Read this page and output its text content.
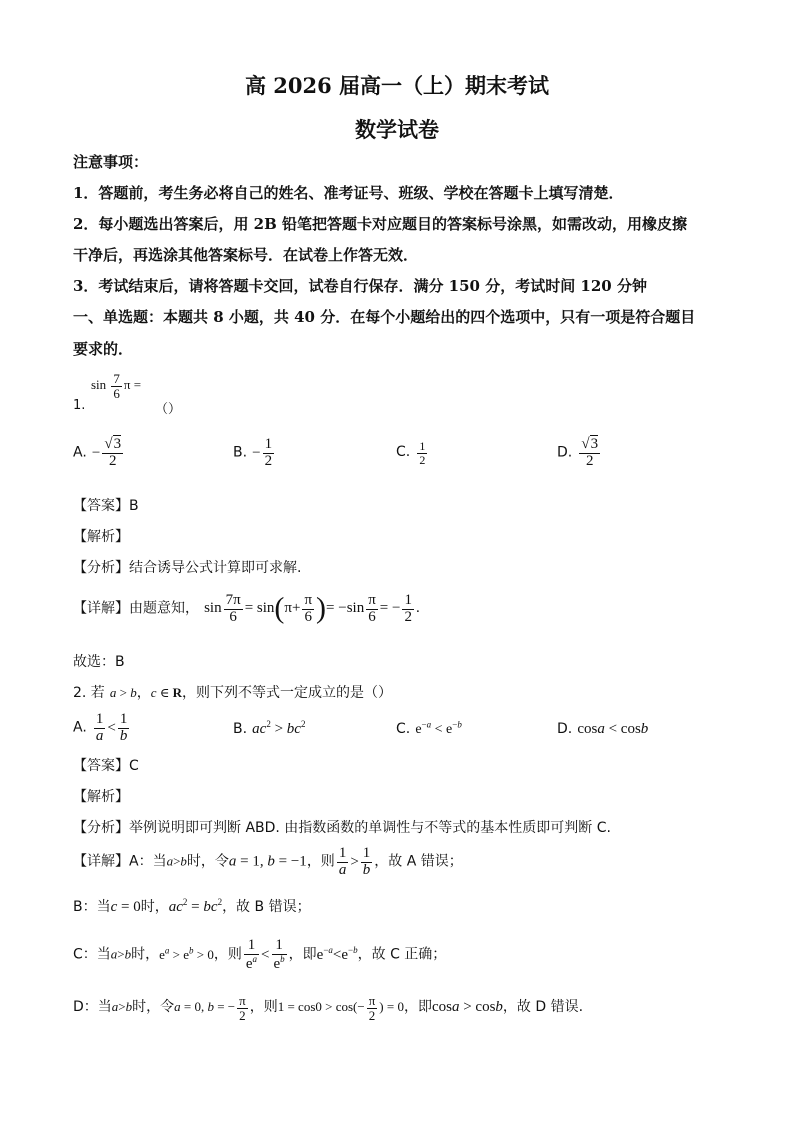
高 2026 届高一（上）期末考试
数学试卷
注意事项：
1．答题前，考生务必将自己的姓名、准考证号、班级、学校在答题卡上填写清楚．
2．每小题选出答案后，用 2B 铅笔把答题卡对应题目的答案标号涂黑，如需改动，用橡皮擦
干净后，再选涂其他答案标号．在试卷上作答无效．
3．考试结束后，请将答题卡交回，试卷自行保存．满分 150 分，考试时间 120 分钟
一、单选题：本题共 8 小题，共 40 分．在每个小题给出的四个选项中，只有一项是符合题目
要求的．
$\sin \frac{7}{6}$ π =
1.	（）
A. − $\frac{√3}{2}$	B. − $\frac{1}{2}$	C. $\frac{1}{2}$	D. $\frac{√3}{2}$
【答案】B
【解析】
【分析】结合诱导公式计算即可求解.
【详解】由题意知， $\sin \frac{7\pi}{6} = \sin(\pi+ \frac{\pi}{6}$ )= $-\sin \frac{\pi}{6}$ = − $\frac{1}{2}$ .
故选：B
2. 若 a > b，c ∈ R，则下列不等式一定成立的是（）
A. $\frac{1}{a} < \frac{1}{b}$	B. $ac^2 > bc^2$	C. $e^{-a} < e^{-b}$	D. cosa < cosb
【答案】C
【解析】
【分析】举例说明即可判断 ABD. 由指数函数的单调性与不等式的基本性质即可判断 C.
【详解】A：当a>b时，令a = 1, b = −1，则 $\frac{1}{a} > \frac{1}{b}$ ，故 A 错误；
B：当c = 0时，$ac^2 = bc^2$，故 B 错误；
C：当a>b时，$e^a > e^b > 0$，则 $\frac{1}{e^a} < \frac{1}{e^b}$ ，即$e^{-a}<e^{-b}$，故 C 正确；
D：当a>b时，令a = 0, b = − $\frac{\pi}{2}$ ，则$1 = \cos 0 > \cos(- \frac{\pi}{2}$ ) = 0，即cosa > cosb，故 D 错误.
